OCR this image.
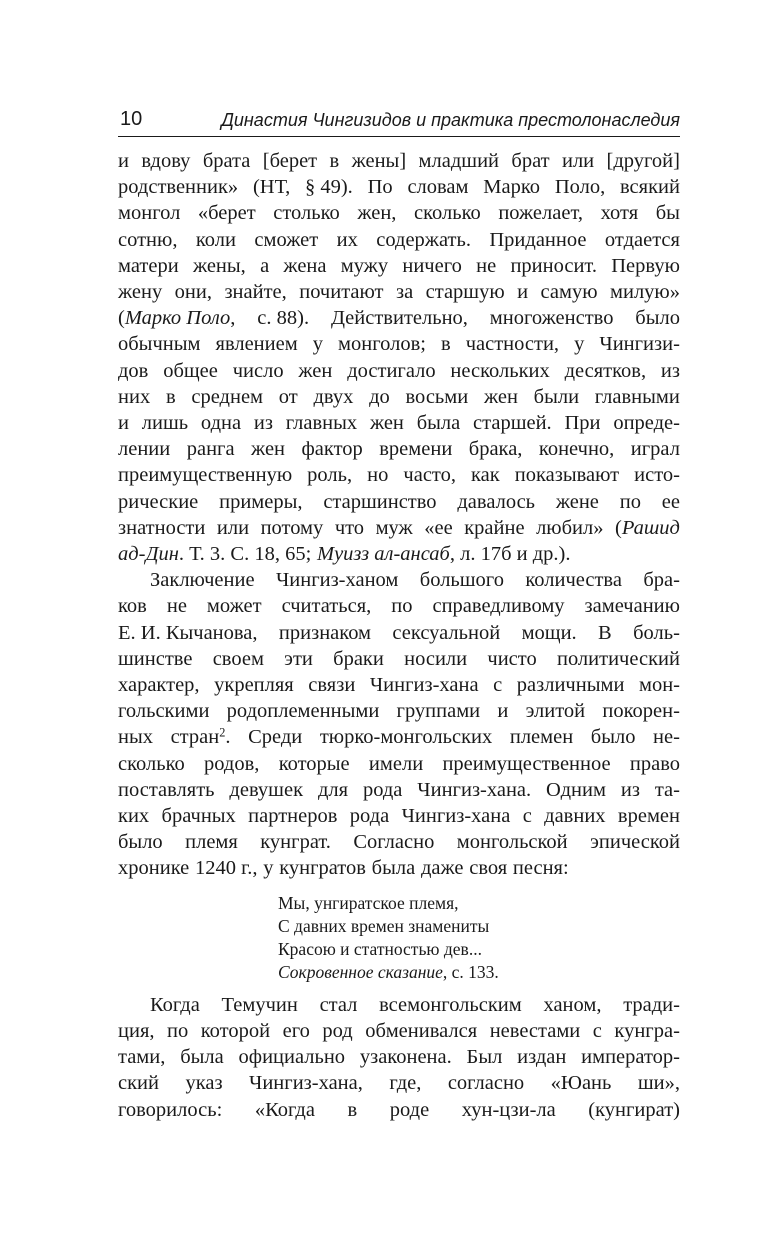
10	Династия Чингизидов и практика престолонаследия
и вдову брата [берет в жены] младший брат или [другой]
родственник» (НТ, § 49). По словам Марко Поло, всякий
монгол «берет столько жен, сколько пожелает, хотя бы
сотню, коли сможет их содержать. Приданное отдается
матери жены, а жена мужу ничего не приносит. Первую
жену они, знайте, почитают за старшую и самую милую»
(Марко Поло, с. 88). Действительно, многоженство было
обычным явлением у монголов; в частности, у Чингизи-
дов общее число жен достигало нескольких десятков, из
них в среднем от двух до восьми жен были главными
и лишь одна из главных жен была старшей. При опреде-
лении ранга жен фактор времени брака, конечно, играл
преимущественную роль, но часто, как показывают исто-
рические примеры, старшинство давалось жене по ее
знатности или потому что муж «ее крайне любил» (Рашид
ад-Дин. Т. 3. С. 18, 65; Муизз ал-ансаб, л. 17б и др.).
Заключение Чингиз-ханом большого количества бра-
ков не может считаться, по справедливому замечанию
Е. И. Кычанова, признаком сексуальной мощи. В боль-
шинстве своем эти браки носили чисто политический
характер, укрепляя связи Чингиз-хана с различными мон-
гольскими родоплеменными группами и элитой покорен-
ных стран$^2$. Среди тюрко-монгольских племен было не-
сколько родов, которые имели преимущественное право
поставлять девушек для рода Чингиз-хана. Одним из та-
ких брачных партнеров рода Чингиз-хана с давних времен
было племя кунграт. Согласно монгольской эпической
хронике 1240 г., у кунгратов была даже своя песня:
Мы, унгиратское племя,
С давних времен знамениты
Красою и статностью дев...
Сокровенное сказание, с. 133.
Когда Темучин стал всемонгольским ханом, тради-
ция, по которой его род обменивался невестами с кунгра-
тами, была официально узаконена. Был издан император-
ский указ Чингиз-хана, где, согласно «Юань ши»,
говорилось: «Когда в роде хун-цзи-ла (кунгират)
